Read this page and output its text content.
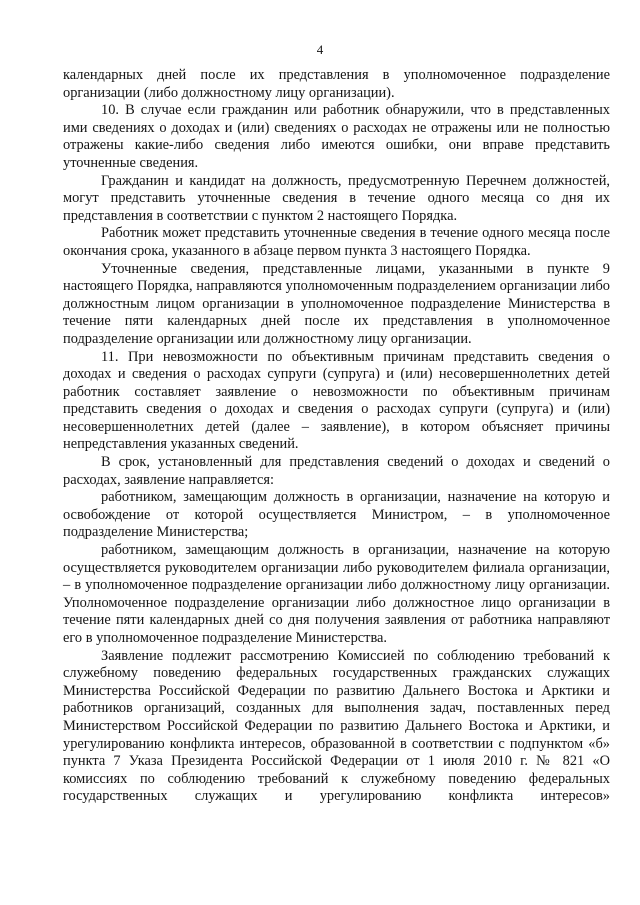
4

календарных дней после их представления в уполномоченное подразделение организации (либо должностному лицу организации).

10. В случае если гражданин или работник обнаружили, что в представленных ими сведениях о доходах и (или) сведениях о расходах не отражены или не полностью отражены какие-либо сведения либо имеются ошибки, они вправе представить уточненные сведения.

Гражданин и кандидат на должность, предусмотренную Перечнем должностей, могут представить уточненные сведения в течение одного месяца со дня их представления в соответствии с пунктом 2 настоящего Порядка.

Работник может представить уточненные сведения в течение одного месяца после окончания срока, указанного в абзаце первом пункта 3 настоящего Порядка.

Уточненные сведения, представленные лицами, указанными в пункте 9 настоящего Порядка, направляются уполномоченным подразделением организации либо должностным лицом организации в уполномоченное подразделение Министерства в течение пяти календарных дней после их представления в уполномоченное подразделение организации или должностному лицу организации.

11. При невозможности по объективным причинам представить сведения о доходах и сведения о расходах супруги (супруга) и (или) несовершеннолетних детей работник составляет заявление о невозможности по объективным причинам представить сведения о доходах и сведения о расходах супруги (супруга) и (или) несовершеннолетних детей (далее – заявление), в котором объясняет причины непредставления указанных сведений.

В срок, установленный для представления сведений о доходах и сведений о расходах, заявление направляется:

работником, замещающим должность в организации, назначение на которую и освобождение от которой осуществляется Министром, – в уполномоченное подразделение Министерства;

работником, замещающим должность в организации, назначение на которую осуществляется руководителем организации либо руководителем филиала организации, – в уполномоченное подразделение организации либо должностному лицу организации. Уполномоченное подразделение организации либо должностное лицо организации в течение пяти календарных дней со дня получения заявления от работника направляют его в уполномоченное подразделение Министерства.

Заявление подлежит рассмотрению Комиссией по соблюдению требований к служебному поведению федеральных государственных гражданских служащих Министерства Российской Федерации по развитию Дальнего Востока и Арктики и работников организаций, созданных для выполнения задач, поставленных перед Министерством Российской Федерации по развитию Дальнего Востока и Арктики, и урегулированию конфликта интересов, образованной в соответствии с подпунктом «б» пункта 7 Указа Президента Российской Федерации от 1 июля 2010 г. № 821 «О комиссиях по соблюдению требований к служебному поведению федеральных государственных служащих и урегулированию конфликта интересов»
